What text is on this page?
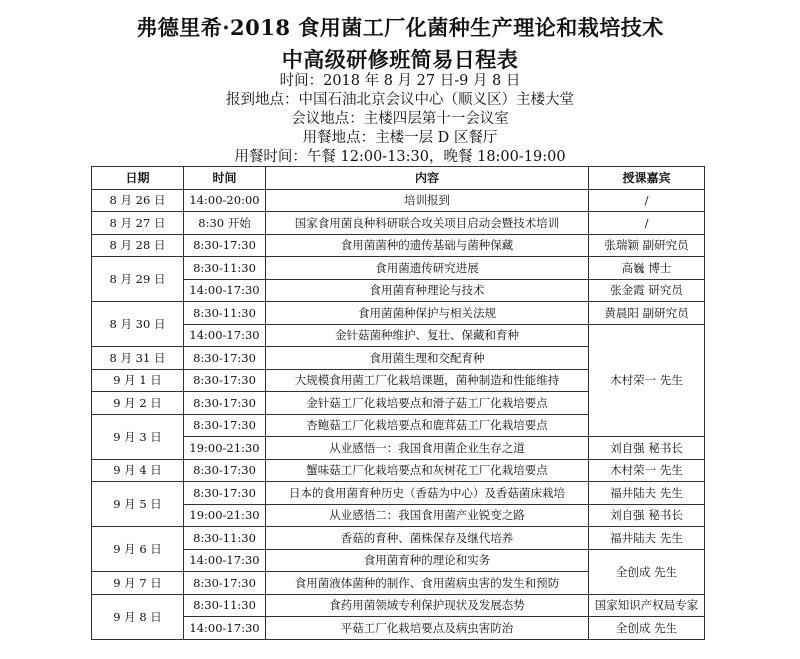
弗德里希·2018 食用菌工厂化菌种生产理论和栽培技术
中高级研修班简易日程表
时间：2018 年 8 月 27 日-9 月 8 日
报到地点：中国石油北京会议中心（顺义区）主楼大堂
会议地点：主楼四层第十一会议室
用餐地点：主楼一层 D 区餐厅
用餐时间：午餐 12:00-13:30，晚餐 18:00-19:00
日期	时间	内容	授课嘉宾
8 月 26 日	14:00-20:00	培训报到	/
8 月 27 日	8:30 开始	国家食用菌良种科研联合攻关项目启动会暨技术培训	/
8 月 28 日	8:30-17:30	食用菌菌种的遗传基础与菌种保藏	张瑞颖 副研究员
8 月 29 日	8:30-11:30	食用菌遗传研究进展	高巍 博士
	14:00-17:30	食用菌育种理论与技术	张金霞 研究员
8 月 30 日	8:30-11:30	食用菌菌种保护与相关法规	黄晨阳 副研究员
	14:00-17:30	金针菇菌种维护、复壮、保藏和育种	木村荣一 先生
8 月 31 日	8:30-17:30	食用菌生理和交配育种	
9 月 1 日	8:30-17:30	大规模食用菌工厂化栽培课题，菌种制造和性能维持	
9 月 2 日	8:30-17:30	金针菇工厂化栽培要点和滑子菇工厂化栽培要点	
9 月 3 日	8:30-17:30	杏鲍菇工厂化栽培要点和鹿茸菇工厂化栽培要点	
	19:00-21:30	从业感悟一：我国食用菌企业生存之道	刘自强 秘书长
9 月 4 日	8:30-17:30	蟹味菇工厂化栽培要点和灰树花工厂化栽培要点	木村荣一 先生
9 月 5 日	8:30-17:30	日本的食用菌育种历史（香菇为中心）及香菇菌床栽培	福井陆夫 先生
	19:00-21:30	从业感悟二：我国食用菌产业锐变之路	刘自强 秘书长
9 月 6 日	8:30-11:30	香菇的育种、菌株保存及继代培养	福井陆夫 先生
	14:00-17:30	食用菌育种的理论和实务	全创成 先生
9 月 7 日	8:30-17:30	食用菌液体菌种的制作、食用菌病虫害的发生和预防	
9 月 8 日	8:30-11:30	食药用菌领域专利保护现状及发展态势	国家知识产权局专家
	14:00-17:30	平菇工厂化栽培要点及病虫害防治	全创成 先生
